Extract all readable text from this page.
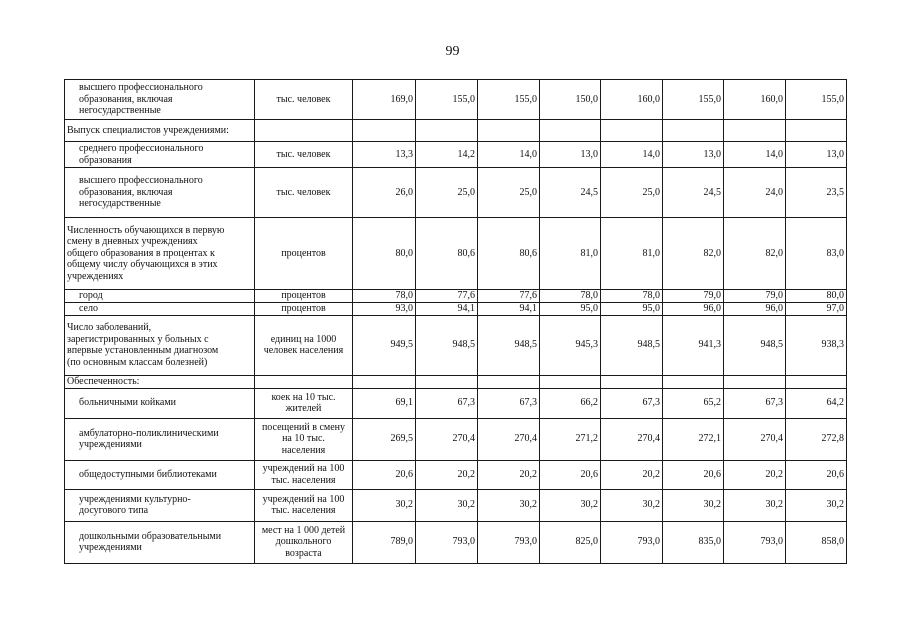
99
высшего профессионального
образования, включая
негосударственные	тыс. человек	169,0	155,0	155,0	150,0	160,0	155,0	160,0	155,0

Выпуск специалистов учреждениями:									

среднего профессионального
образования	тыс. человек	13,3	14,2	14,0	13,0	14,0	13,0	14,0	13,0

высшего профессионального
образования, включая
негосударственные	тыс. человек	26,0	25,0	25,0	24,5	25,0	24,5	24,0	23,5

Численность обучающихся в первую
смену в дневных учреждениях
общего образования в процентах к
общему числу обучающихся в этих
учреждениях	процентов	80,0	80,6	80,6	81,0	81,0	82,0	82,0	83,0

город	процентов	78,0	77,6	77,6	78,0	78,0	79,0	79,0	80,0

село	процентов	93,0	94,1	94,1	95,0	95,0	96,0	96,0	97,0

Число заболеваний,
зарегистрированных у больных с
впервые установленным диагнозом
(по основным классам болезней)	единиц на 1000
человек населения	949,5	948,5	948,5	945,3	948,5	941,3	948,5	938,3

Обеспеченность:									

больничными койками	коек на 10 тыс.
жителей	69,1	67,3	67,3	66,2	67,3	65,2	67,3	64,2

амбулаторно-поликлиническими
учреждениями	посещений в смену
на 10 тыс.
населения	269,5	270,4	270,4	271,2	270,4	272,1	270,4	272,8

общедоступными библиотеками	учреждений на 100
тыс. населения	20,6	20,2	20,2	20,6	20,2	20,6	20,2	20,6

учреждениями культурно-
досугового типа	учреждений на 100
тыс. населения	30,2	30,2	30,2	30,2	30,2	30,2	30,2	30,2

дошкольными образовательными
учреждениями	мест на 1 000 детей
дошкольного
возраста	789,0	793,0	793,0	825,0	793,0	835,0	793,0	858,0
